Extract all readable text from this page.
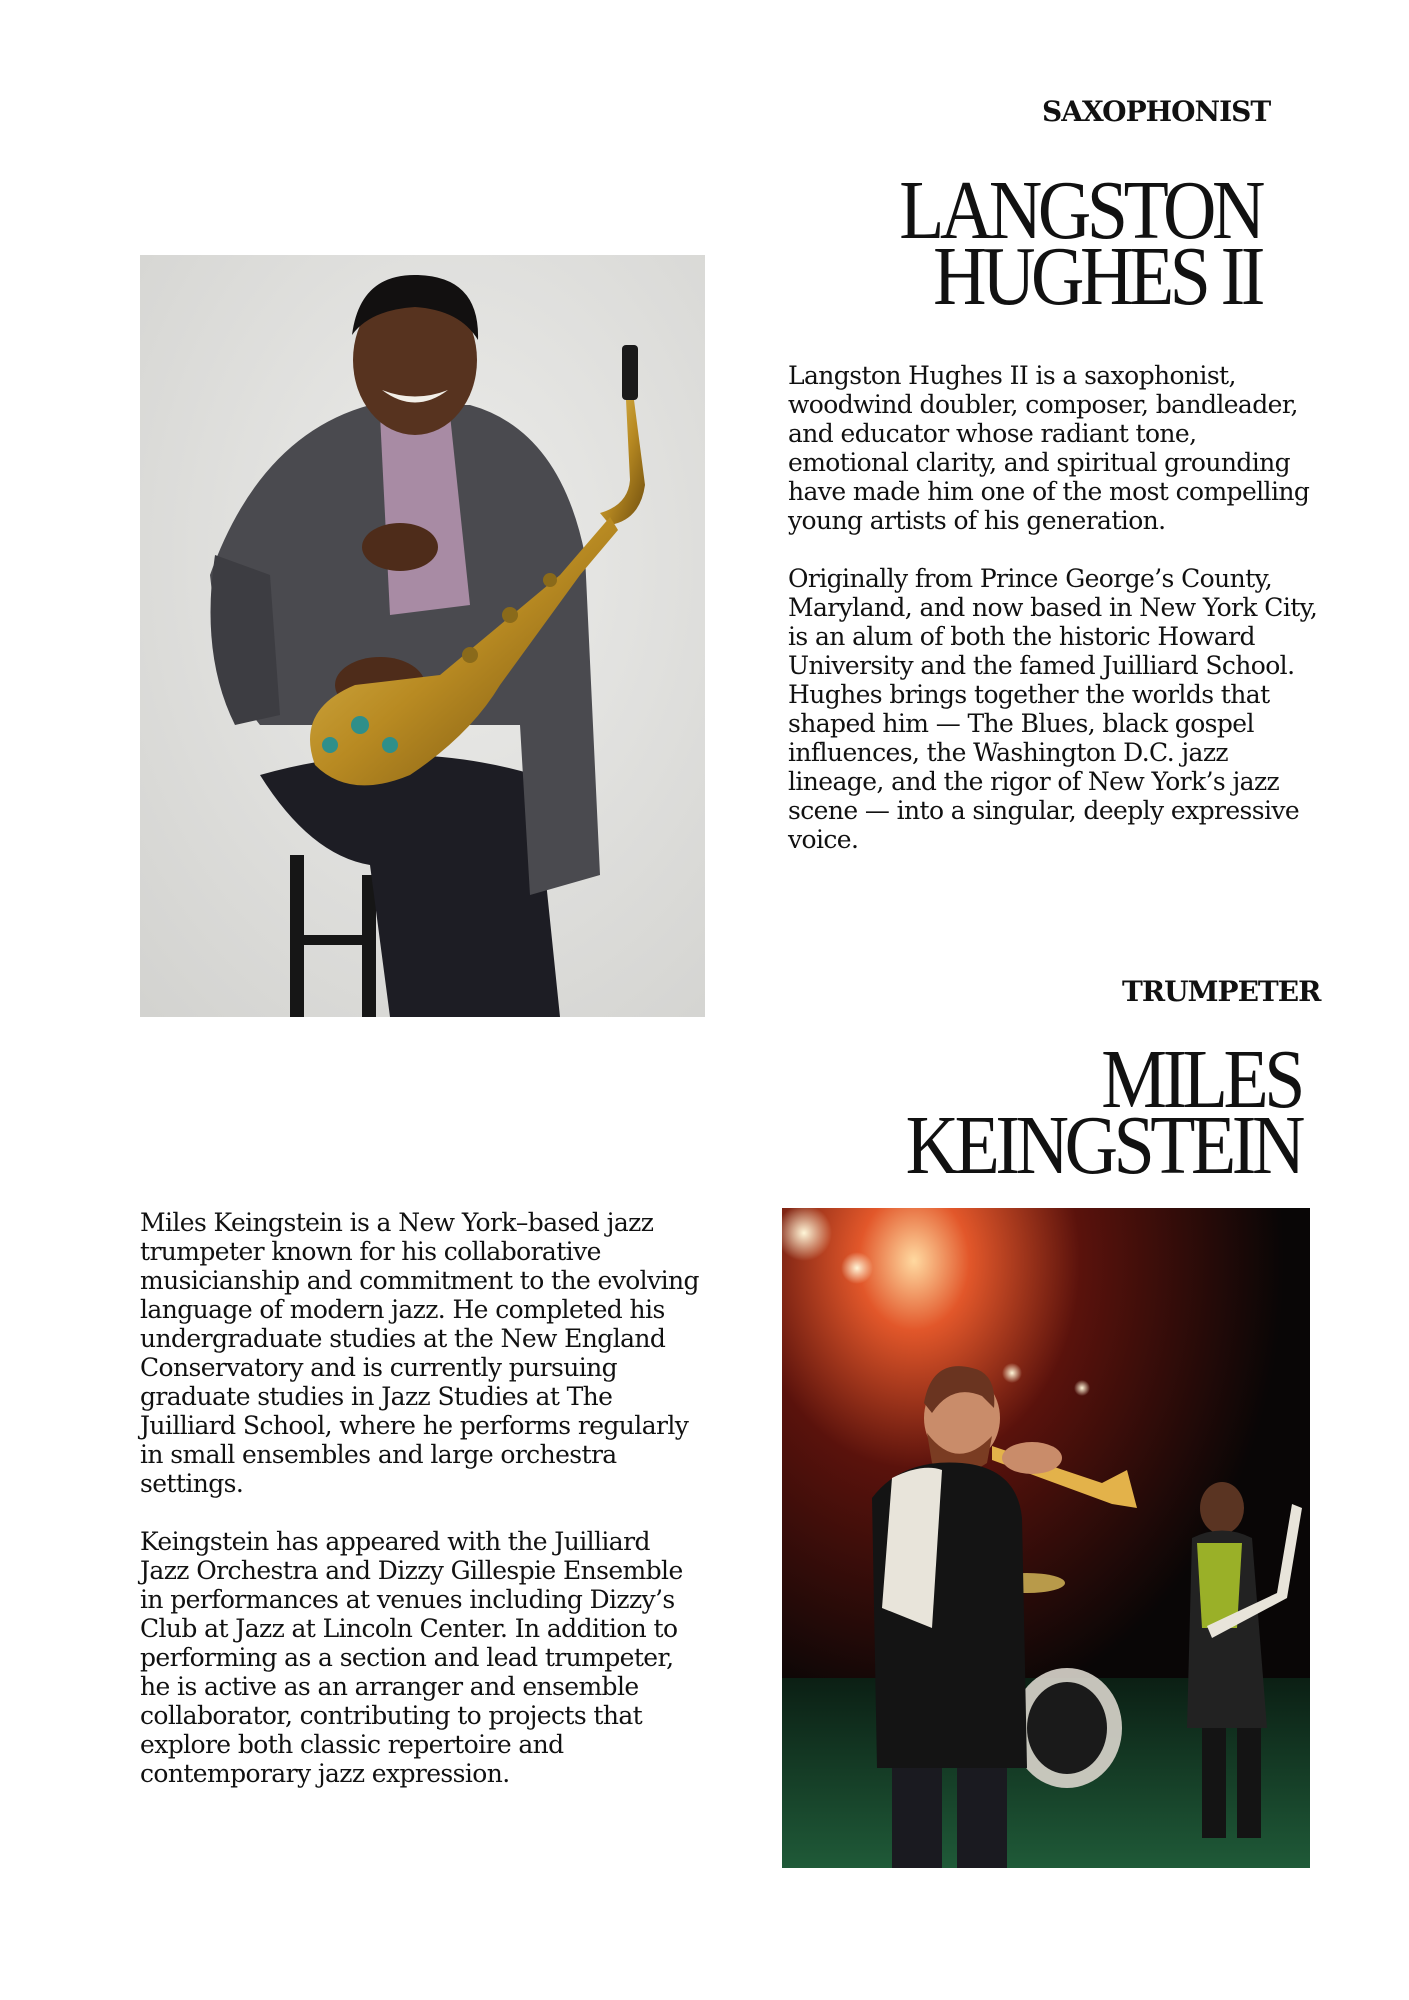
SAXOPHONIST
LANGSTON
HUGHES II

Langston Hughes II is a saxophonist, woodwind doubler, composer, bandleader, and educator whose radiant tone, emotional clarity, and spiritual grounding have made him one of the most compelling young artists of his generation.

Originally from Prince George’s County, Maryland, and now based in New York City, is an alum of both the historic Howard University and the famed Juilliard School. Hughes brings together the worlds that shaped him — The Blues, black gospel influences, the Washington D.C. jazz lineage, and the rigor of New York’s jazz scene — into a singular, deeply expressive voice.

TRUMPETER
MILES
KEINGSTEIN

Miles Keingstein is a New York–based jazz trumpeter known for his collaborative musicianship and commitment to the evolving language of modern jazz. He completed his undergraduate studies at the New England Conservatory and is currently pursuing graduate studies in Jazz Studies at The Juilliard School, where he performs regularly in small ensembles and large orchestra settings.

Keingstein has appeared with the Juilliard Jazz Orchestra and Dizzy Gillespie Ensemble in performances at venues including Dizzy’s Club at Jazz at Lincoln Center. In addition to performing as a section and lead trumpeter, he is active as an arranger and ensemble collaborator, contributing to projects that explore both classic repertoire and contemporary jazz expression.
